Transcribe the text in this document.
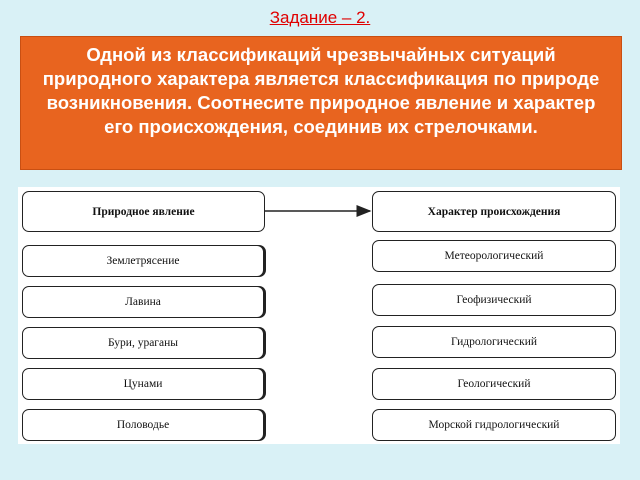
Задание – 2.
Одной из классификаций чрезвычайных ситуаций природного характера является классификация по природе возникновения. Соотнесите природное явление и характер его происхождения, соединив их стрелочками.
Природное явление	Характер происхождения
Землетрясение
Лавина
Бури, ураганы
Цунами
Половодье
Метеорологический
Геофизический
Гидрологический
Геологический
Морской гидрологический
